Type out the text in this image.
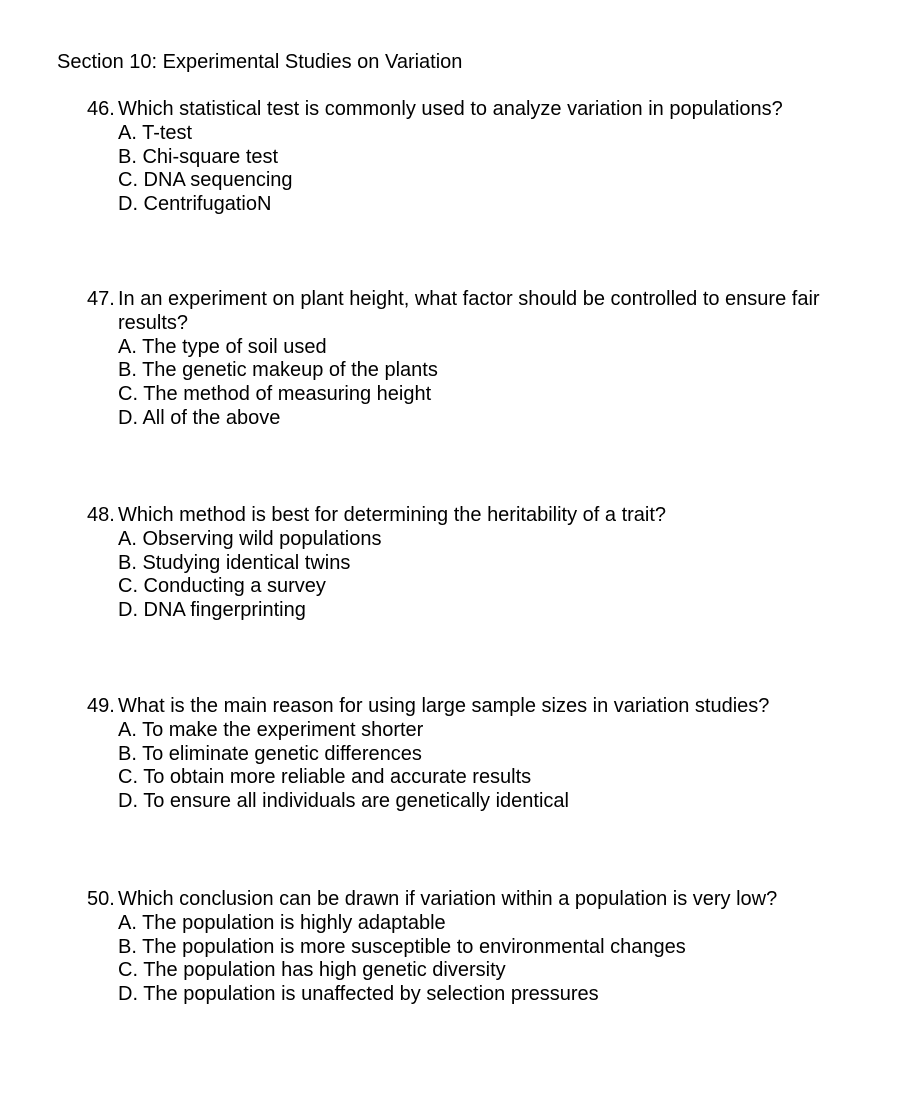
Section 10: Experimental Studies on Variation
46. Which statistical test is commonly used to analyze variation in populations?
A. T-test
B. Chi-square test
C. DNA sequencing
D. CentrifugatioN
47. In an experiment on plant height, what factor should be controlled to ensure fair results?
A. The type of soil used
B. The genetic makeup of the plants
C. The method of measuring height
D. All of the above
48. Which method is best for determining the heritability of a trait?
A. Observing wild populations
B. Studying identical twins
C. Conducting a survey
D. DNA fingerprinting
49. What is the main reason for using large sample sizes in variation studies?
A. To make the experiment shorter
B. To eliminate genetic differences
C. To obtain more reliable and accurate results
D. To ensure all individuals are genetically identical
50. Which conclusion can be drawn if variation within a population is very low?
A. The population is highly adaptable
B. The population is more susceptible to environmental changes
C. The population has high genetic diversity
D. The population is unaffected by selection pressures
